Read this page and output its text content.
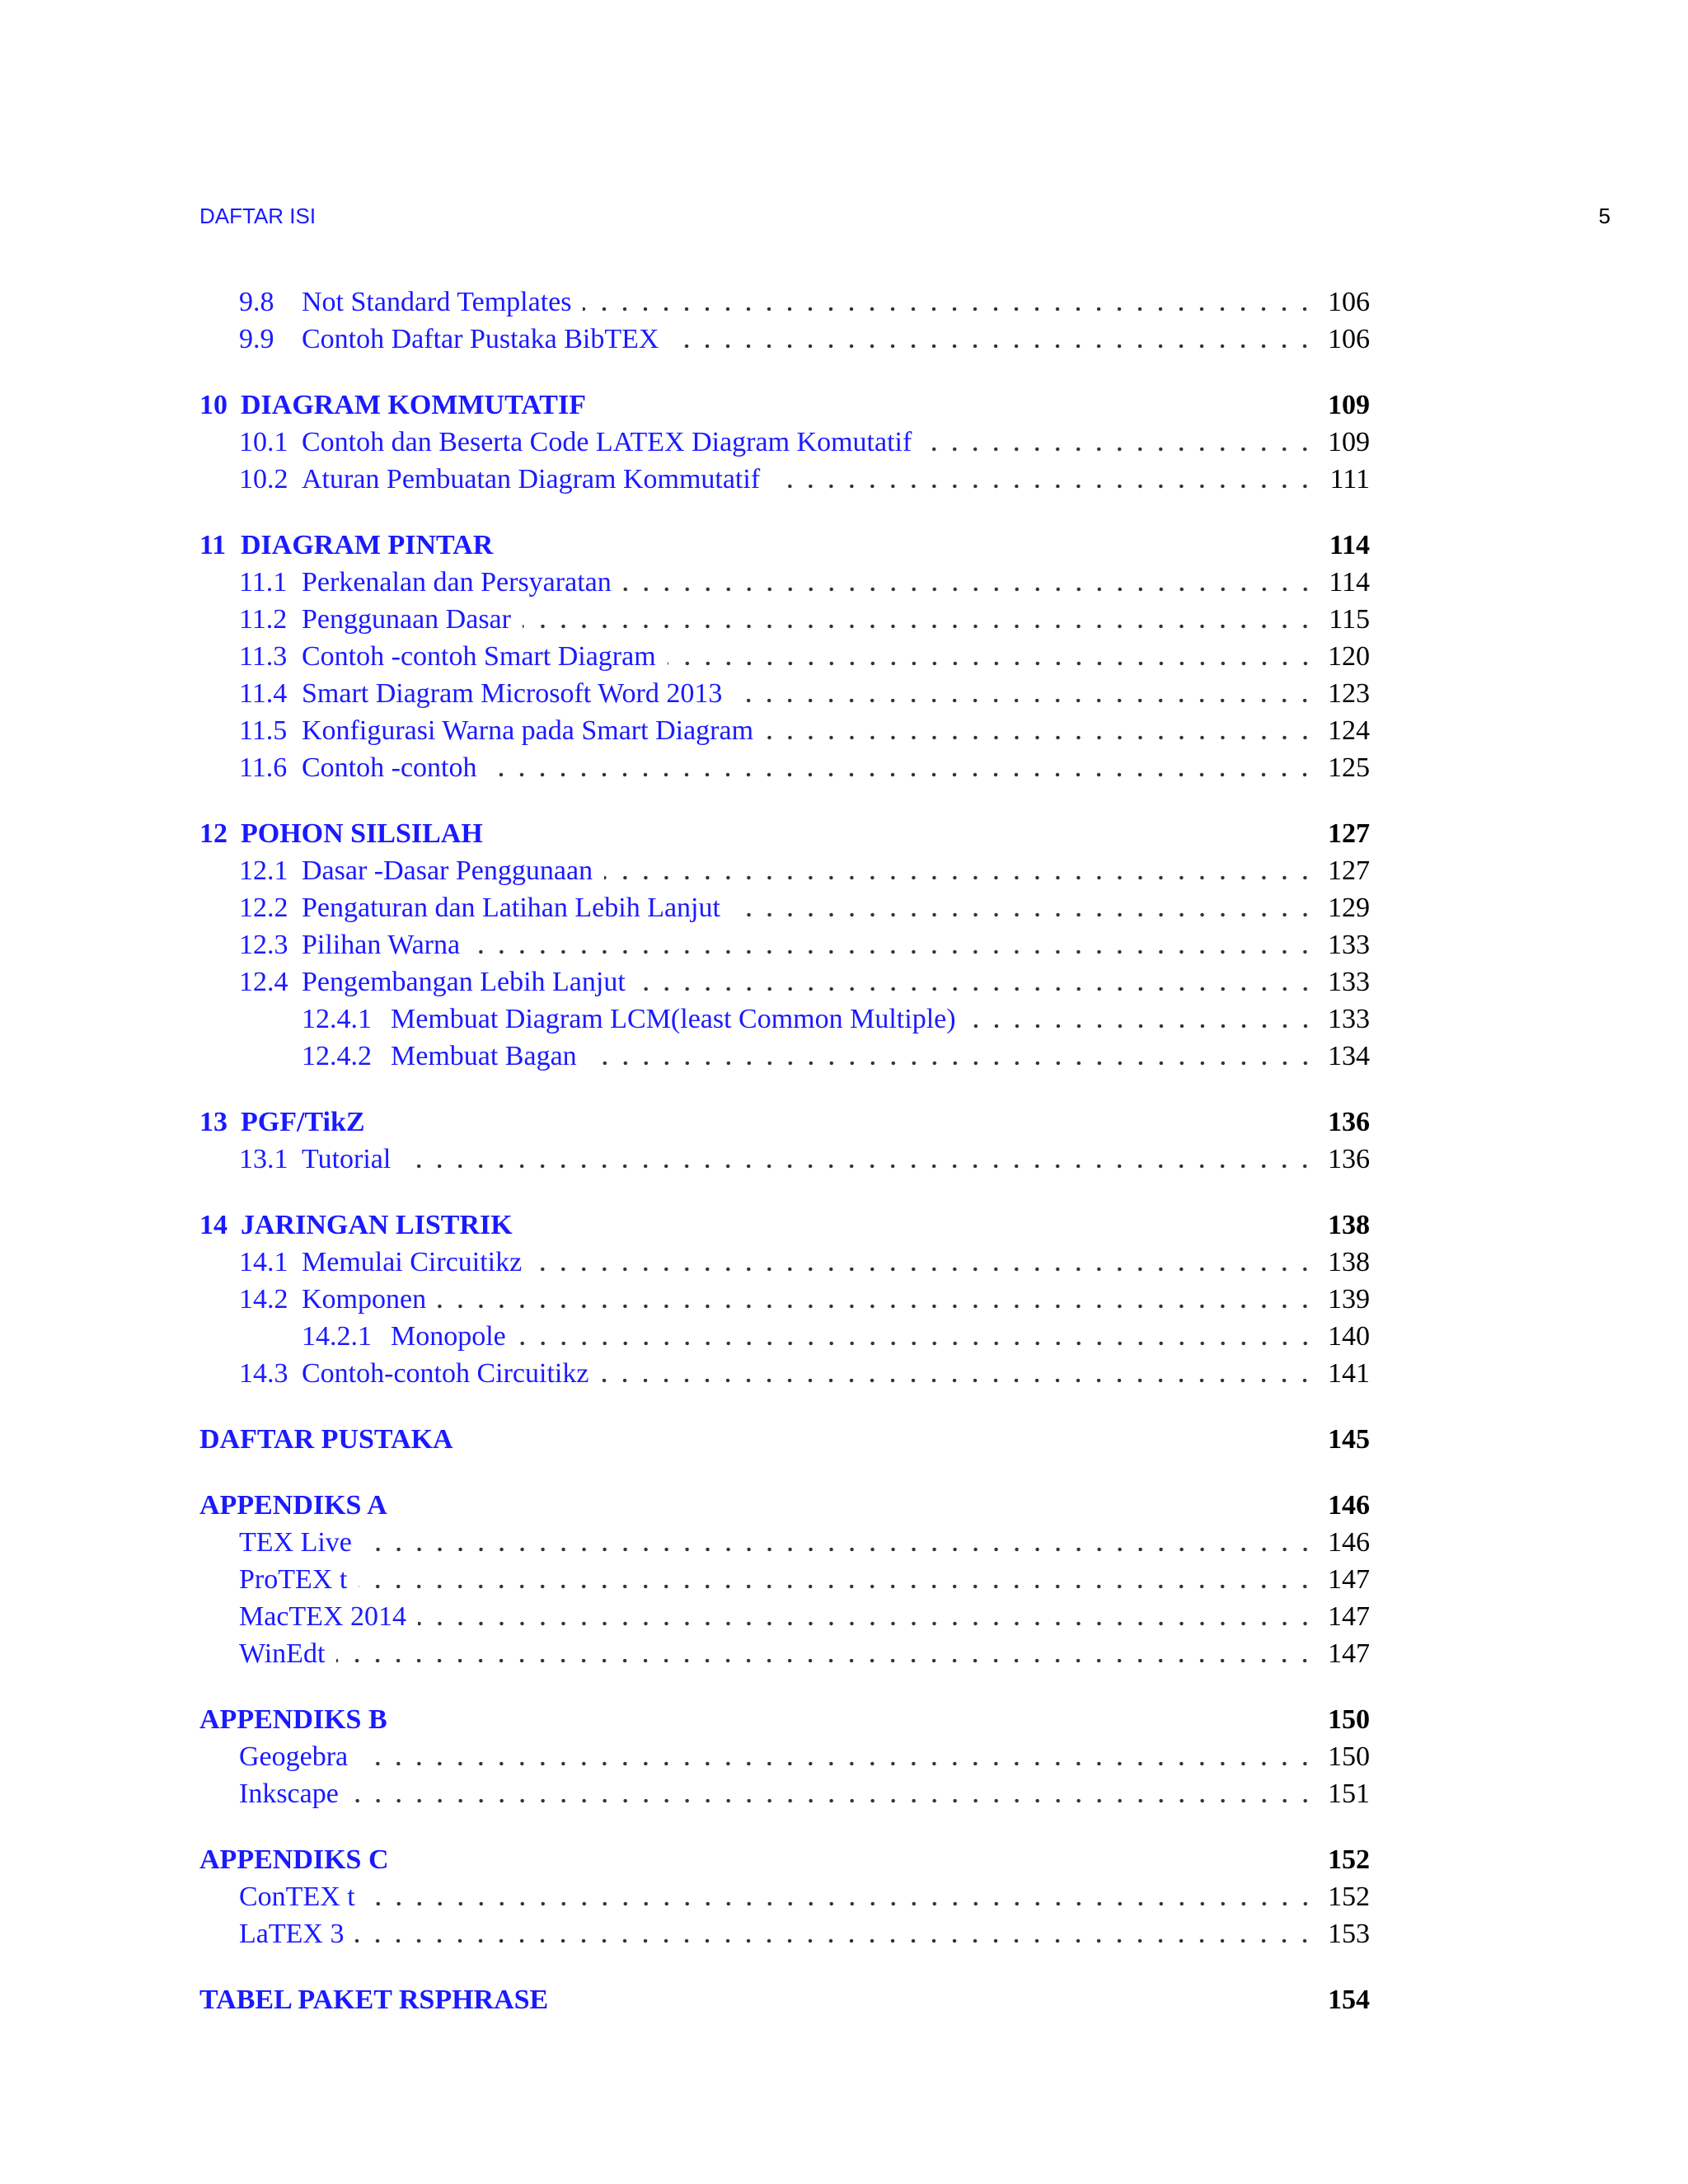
DAFTAR ISI	5
9.8 Not Standard Templates	106
9.9 Contoh Daftar Pustaka BibTEX	106
10 DIAGRAM KOMMUTATIF	109
10.1 Contoh dan Beserta Code LATEX Diagram Komutatif	109
10.2 Aturan Pembuatan Diagram Kommutatif	111
11 DIAGRAM PINTAR	114
11.1 Perkenalan dan Persyaratan	114
11.2 Penggunaan Dasar	115
11.3 Contoh -contoh Smart Diagram	120
11.4 Smart Diagram Microsoft Word 2013	123
11.5 Konfigurasi Warna pada Smart Diagram	124
11.6 Contoh -contoh	125
12 POHON SILSILAH	127
12.1 Dasar -Dasar Penggunaan	127
12.2 Pengaturan dan Latihan Lebih Lanjut	129
12.3 Pilihan Warna	133
12.4 Pengembangan Lebih Lanjut	133
12.4.1 Membuat Diagram LCM(least Common Multiple)	133
12.4.2 Membuat Bagan	134
13 PGF/TikZ	136
13.1 Tutorial	136
14 JARINGAN LISTRIK	138
14.1 Memulai Circuitikz	138
14.2 Komponen	139
14.2.1 Monopole	140
14.3 Contoh-contoh Circuitikz	141
DAFTAR PUSTAKA	145
APPENDIKS A	146
TEX Live	146
ProTEX t	147
MacTEX 2014	147
WinEdt	147
APPENDIKS B	150
Geogebra	150
Inkscape	151
APPENDIKS C	152
ConTEX t	152
LaTEX 3	153
TABEL PAKET RSPHRASE	154
